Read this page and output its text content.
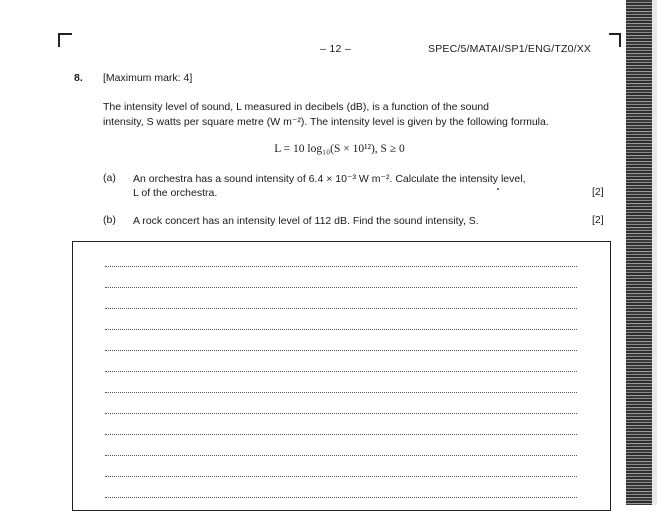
– 12 –	SPEC/5/MATAI/SP1/ENG/TZ0/XX
8. [Maximum mark: 4]
The intensity level of sound, L measured in decibels (dB), is a function of the sound
intensity, S watts per square metre (W m⁻²). The intensity level is given by the following formula.
L = 10 log₁₀(S × 10¹²), S ≥ 0
(a) An orchestra has a sound intensity of 6.4 × 10⁻³ W m⁻². Calculate the intensity level,
L of the orchestra.	[2]
(b) A rock concert has an intensity level of 112 dB. Find the sound intensity, S.	[2]
